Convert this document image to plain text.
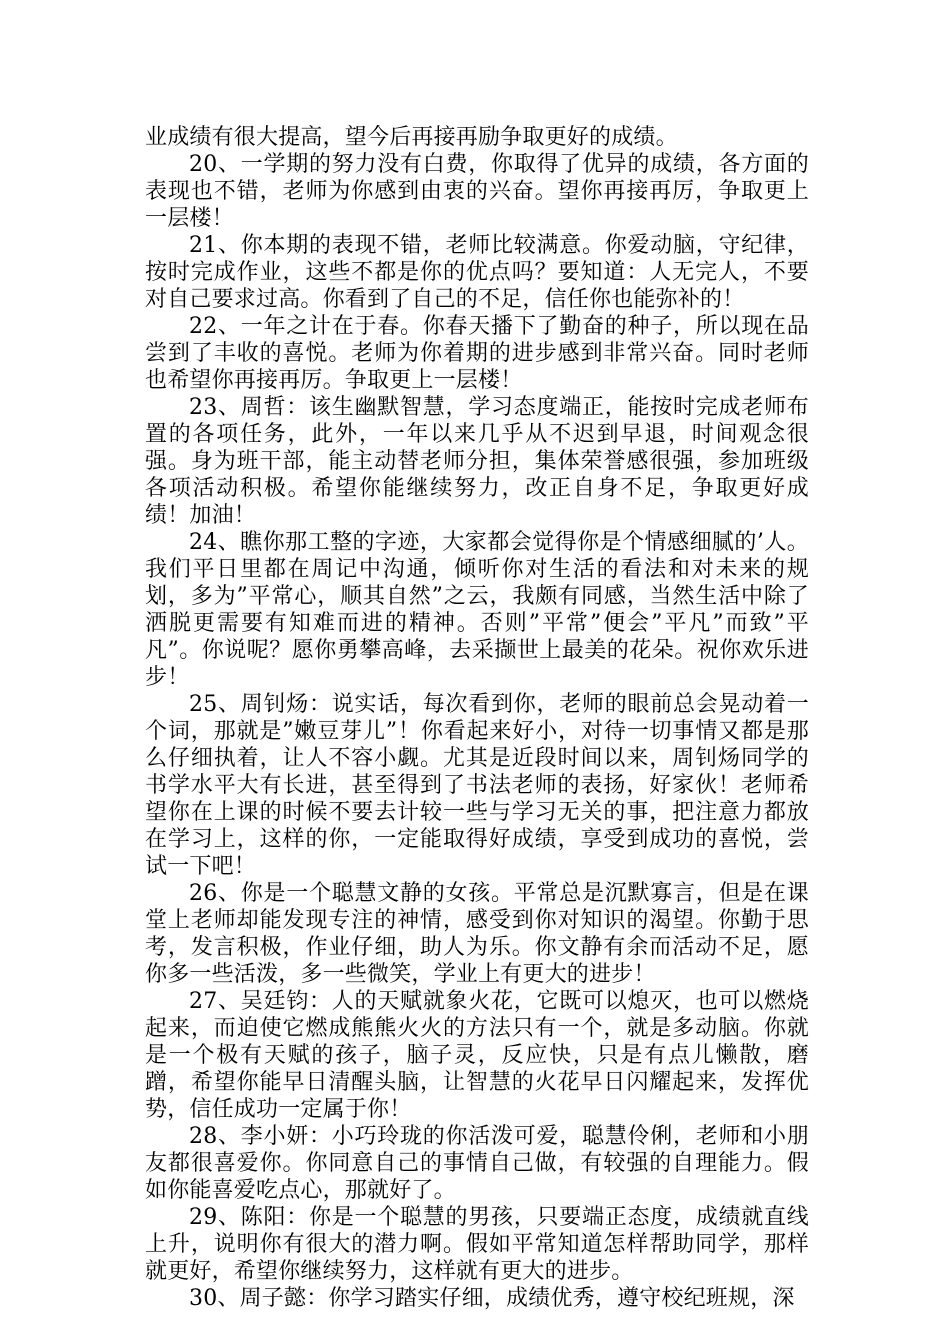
业成绩有很大提高，望今后再接再励争取更好的成绩。

20、一学期的努力没有白费，你取得了优异的成绩，各方面的表现也不错，老师为你感到由衷的兴奋。望你再接再厉，争取更上一层楼！

21、你本期的表现不错，老师比较满意。你爱动脑，守纪律，按时完成作业，这些不都是你的优点吗？要知道：人无完人，不要对自己要求过高。你看到了自己的不足，信任你也能弥补的！

22、一年之计在于春。你春天播下了勤奋的种子，所以现在品尝到了丰收的喜悦。老师为你着期的进步感到非常兴奋。同时老师也希望你再接再厉。争取更上一层楼！

23、周哲：该生幽默智慧，学习态度端正，能按时完成老师布置的各项任务，此外，一年以来几乎从不迟到早退，时间观念很强。身为班干部，能主动替老师分担，集体荣誉感很强，参加班级各项活动积极。希望你能继续努力，改正自身不足，争取更好成绩！加油！

24、瞧你那工整的字迹，大家都会觉得你是个情感细腻的’人。我们平日里都在周记中沟通，倾听你对生活的看法和对未来的规划，多为”平常心，顺其自然”之云，我颇有同感，当然生活中除了洒脱更需要有知难而进的精神。否则”平常”便会”平凡”而致”平凡”。你说呢？愿你勇攀高峰，去采撷世上最美的花朵。祝你欢乐进步！

25、周钊炀：说实话，每次看到你，老师的眼前总会晃动着一个词，那就是”嫩豆芽儿”！你看起来好小，对待一切事情又都是那么仔细执着，让人不容小觑。尤其是近段时间以来，周钊炀同学的书学水平大有长进，甚至得到了书法老师的表扬，好家伙！老师希望你在上课的时候不要去计较一些与学习无关的事，把注意力都放在学习上，这样的你，一定能取得好成绩，享受到成功的喜悦，尝试一下吧！

26、你是一个聪慧文静的女孩。平常总是沉默寡言，但是在课堂上老师却能发现专注的神情，感受到你对知识的渴望。你勤于思考，发言积极，作业仔细，助人为乐。你文静有余而活动不足，愿你多一些活泼，多一些微笑，学业上有更大的进步！

27、吴廷钧：人的天赋就象火花，它既可以熄灭，也可以燃烧起来，而迫使它燃成熊熊火火的方法只有一个，就是多动脑。你就是一个极有天赋的孩子，脑子灵，反应快，只是有点儿懒散，磨蹭，希望你能早日清醒头脑，让智慧的火花早日闪耀起来，发挥优势，信任成功一定属于你！

28、李小妍：小巧玲珑的你活泼可爱，聪慧伶俐，老师和小朋友都很喜爱你。你同意自己的事情自己做，有较强的自理能力。假如你能喜爱吃点心，那就好了。

29、陈阳：你是一个聪慧的男孩，只要端正态度，成绩就直线上升，说明你有很大的潜力啊。假如平常知道怎样帮助同学，那样就更好，希望你继续努力，这样就有更大的进步。

30、周子懿：你学习踏实仔细，成绩优秀，遵守校纪班规，深
